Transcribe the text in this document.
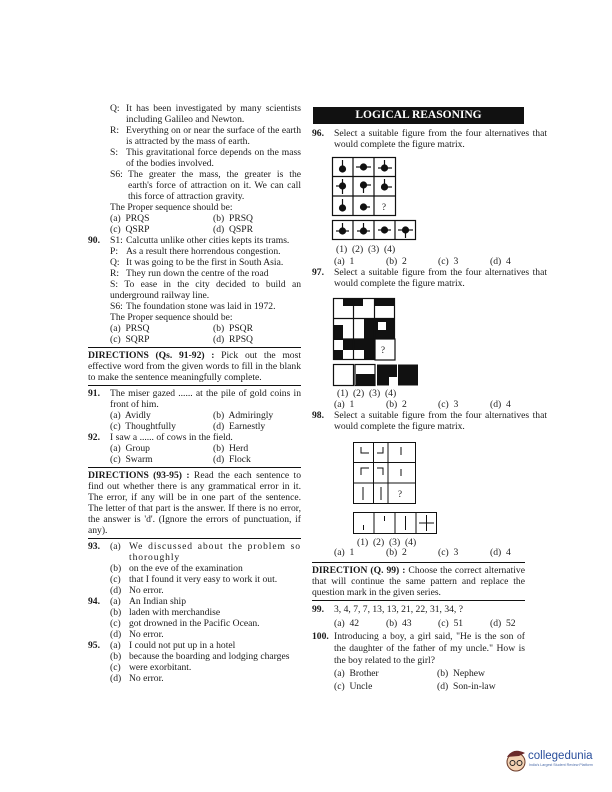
Q: It has been investigated by many scientists including Galileo and Newton.
R: Everything on or near the surface of the earth is attracted by the mass of earth.
S: This gravitational force depends on the mass of the bodies involved.
S6: The greater the mass, the greater is the earth's force of attraction on it. We can call this force of attraction gravity.
The Proper sequence should be:
(a)  PRQS	(b)  PRSQ
(c)  QSRP	(d)  QSPR
90. S1: Calcutta unlike other cities kepts its trams.
P: As a result there horrendous congestion.
Q: It was going to be the first in South Asia.
R: They run down the centre of the road
S: To ease in the city decided to build an underground railway line.
S6: The foundation stone was laid in 1972.
The Proper sequence should be:
(a)  PRSQ	(b)  PSQR
(c)  SQRP	(d)  RPSQ
DIRECTIONS (Qs. 91-92) : Pick out the most effective word from the given words to fill in the blank to make the sentence meaningfully complete.
91. The miser gazed ...... at the pile of gold coins in front of him.
(a)  Avidly	(b)  Admiringly
(c)  Thoughtfully	(d)  Earnestly
92. I saw a ...... of cows in the field.
(a)  Group	(b)  Herd
(c)  Swarm	(d)  Flock
DIRECTIONS (93-95) : Read the each sentence to find out whether there is any grammatical error in it. The error, if any will be in one part of the sentence. The letter of that part is the answer. If there is no error, the answer is 'd'. (Ignore the errors of punctuation, if any).
93. (a) We discussed about the problem so thoroughly
(b) on the eve of the examination
(c) that I found it very easy to work it out.
(d) No error.
94. (a) An Indian ship
(b) laden with merchandise
(c) got drowned in the Pacific Ocean.
(d) No error.
95. (a) I could not put up in a hotel
(b) because the boarding and lodging charges
(c) were exorbitant.
(d) No error.
LOGICAL REASONING
96. Select a suitable figure from the four alternatives that would complete the figure matrix.
?
(1)  (2)  (3)  (4)
(a)  1	(b)  2	(c)  3	(d)  4
97. Select a suitable figure from the four alternatives that would complete the figure matrix.
?
(1)  (2)  (3)  (4)
(a)  1	(b)  2	(c)  3	(d)  4
98. Select a suitable figure from the four alternatives that would complete the figure matrix.
?
(1)  (2)  (3)  (4)
(a)  1	(b)  2	(c)  3	(d)  4
DIRECTION (Q. 99) : Choose the correct alternative that will continue the same pattern and replace the question mark in the given series.
99. 3, 4, 7, 7, 13, 13, 21, 22, 31, 34, ?
(a)  42	(b)  43	(c)  51	(d)  52
100. Introducing a boy, a girl said, "He is the son of the daughter of the father of my uncle." How is the boy related to the girl?
(a)  Brother	(b)  Nephew
(c)  Uncle	(d)  Son-in-law
collegedunia
India's Largest Student Review Platform
